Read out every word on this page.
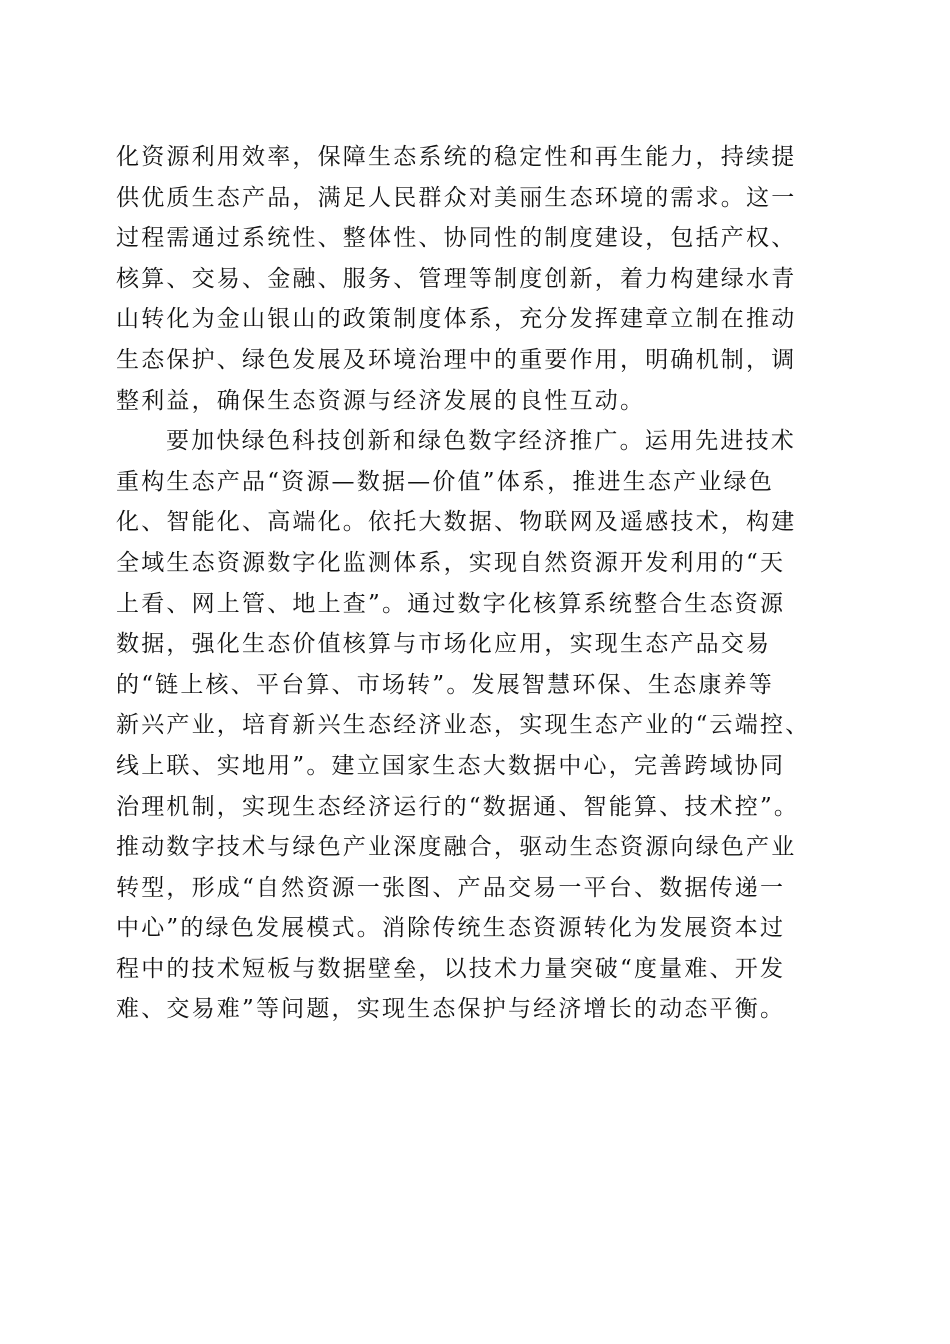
化资源利用效率，保障生态系统的稳定性和再生能力，持续提
供优质生态产品，满足人民群众对美丽生态环境的需求。这一
过程需通过系统性、整体性、协同性的制度建设，包括产权、
核算、交易、金融、服务、管理等制度创新，着力构建绿水青
山转化为金山银山的政策制度体系，充分发挥建章立制在推动
生态保护、绿色发展及环境治理中的重要作用，明确机制，调
整利益，确保生态资源与经济发展的良性互动。
要加快绿色科技创新和绿色数字经济推广。运用先进技术
重构生态产品“资源—数据—价值”体系，推进生态产业绿色
化、智能化、高端化。依托大数据、物联网及遥感技术，构建
全域生态资源数字化监测体系，实现自然资源开发利用的“天
上看、网上管、地上查”。通过数字化核算系统整合生态资源
数据，强化生态价值核算与市场化应用，实现生态产品交易
的“链上核、平台算、市场转”。发展智慧环保、生态康养等
新兴产业，培育新兴生态经济业态，实现生态产业的“云端控、
线上联、实地用”。建立国家生态大数据中心，完善跨域协同
治理机制，实现生态经济运行的“数据通、智能算、技术控”。
推动数字技术与绿色产业深度融合，驱动生态资源向绿色产业
转型，形成“自然资源一张图、产品交易一平台、数据传递一
中心”的绿色发展模式。消除传统生态资源转化为发展资本过
程中的技术短板与数据壁垒，以技术力量突破“度量难、开发
难、交易难”等问题，实现生态保护与经济增长的动态平衡。
